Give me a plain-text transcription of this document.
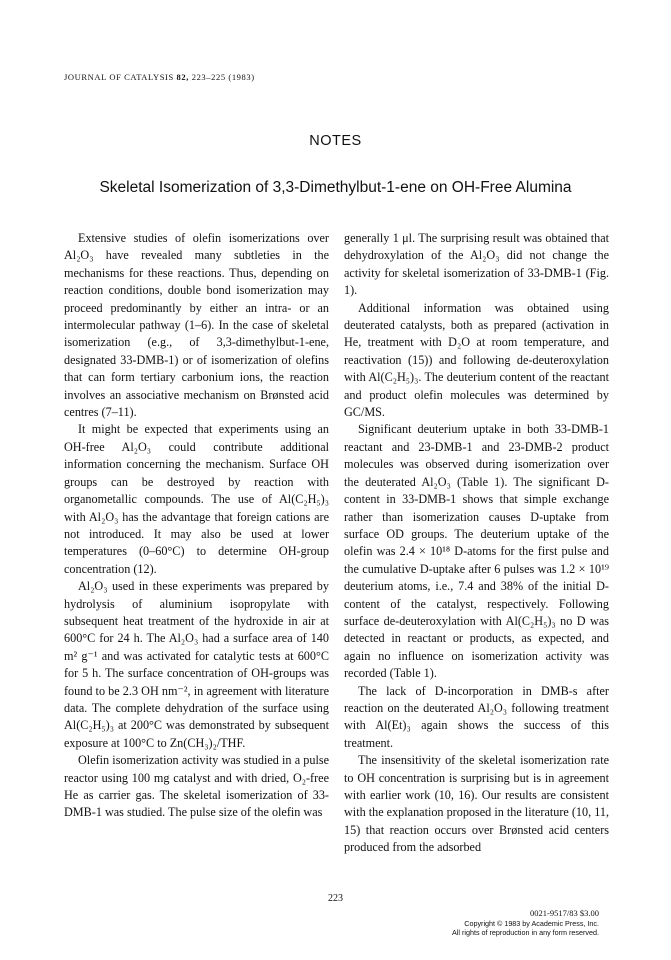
JOURNAL OF CATALYSIS 82, 223–225 (1983)
NOTES
Skeletal Isomerization of 3,3-Dimethylbut-1-ene on OH-Free Alumina

Extensive studies of olefin isomerizations over Al₂O₃ have revealed many subtleties in the mechanisms for these reactions. Thus, depending on reaction conditions, double bond isomerization may proceed predominantly by either an intra- or an intermolecular pathway (1–6). In the case of skeletal isomerization (e.g., of 3,3-dimethylbut-1-ene, designated 33-DMB-1) or of isomerization of olefins that can form tertiary carbonium ions, the reaction involves an associative mechanism on Brønsted acid centres (7–11).

It might be expected that experiments using an OH-free Al₂O₃ could contribute additional information concerning the mechanism. Surface OH groups can be destroyed by reaction with organometallic compounds. The use of Al(C₂H₅)₃ with Al₂O₃ has the advantage that foreign cations are not introduced. It may also be used at lower temperatures (0–60°C) to determine OH-group concentration (12).

Al₂O₃ used in these experiments was prepared by hydrolysis of aluminium isopropylate with subsequent heat treatment of the hydroxide in air at 600°C for 24 h. The Al₂O₃ had a surface area of 140 m² g⁻¹ and was activated for catalytic tests at 600°C for 5 h. The surface concentration of OH-groups was found to be 2.3 OH nm⁻², in agreement with literature data. The complete dehydration of the surface using Al(C₂H₅)₃ at 200°C was demonstrated by subsequent exposure at 100°C to Zn(CH₃)₂/THF.

Olefin isomerization activity was studied in a pulse reactor using 100 mg catalyst and with dried, O₂-free He as carrier gas. The skeletal isomerization of 33-DMB-1 was studied. The pulse size of the olefin was

generally 1 μl. The surprising result was obtained that dehydroxylation of the Al₂O₃ did not change the activity for skeletal isomerization of 33-DMB-1 (Fig. 1).

Additional information was obtained using deuterated catalysts, both as prepared (activation in He, treatment with D₂O at room temperature, and reactivation (15)) and following de-deuteroxylation with Al(C₂H₅)₃. The deuterium content of the reactant and product olefin molecules was determined by GC/MS.

Significant deuterium uptake in both 33-DMB-1 reactant and 23-DMB-1 and 23-DMB-2 product molecules was observed during isomerization over the deuterated Al₂O₃ (Table 1). The significant D-content in 33-DMB-1 shows that simple exchange rather than isomerization causes D-uptake from surface OD groups. The deuterium uptake of the olefin was 2.4 × 10¹⁸ D-atoms for the first pulse and the cumulative D-uptake after 6 pulses was 1.2 × 10¹⁹ deuterium atoms, i.e., 7.4 and 38% of the initial D-content of the catalyst, respectively. Following surface de-deuteroxylation with Al(C₂H₅)₃ no D was detected in reactant or products, as expected, and again no influence on isomerization activity was recorded (Table 1).

The lack of D-incorporation in DMB-s after reaction on the deuterated Al₂O₃ following treatment with Al(Et)₃ again shows the success of this treatment.

The insensitivity of the skeletal isomerization rate to OH concentration is surprising but is in agreement with earlier work (10, 16). Our results are consistent with the explanation proposed in the literature (10, 11, 15) that reaction occurs over Brønsted acid centers produced from the adsorbed

223
0021-9517/83 $3.00
Copyright © 1983 by Academic Press, Inc.
All rights of reproduction in any form reserved.
